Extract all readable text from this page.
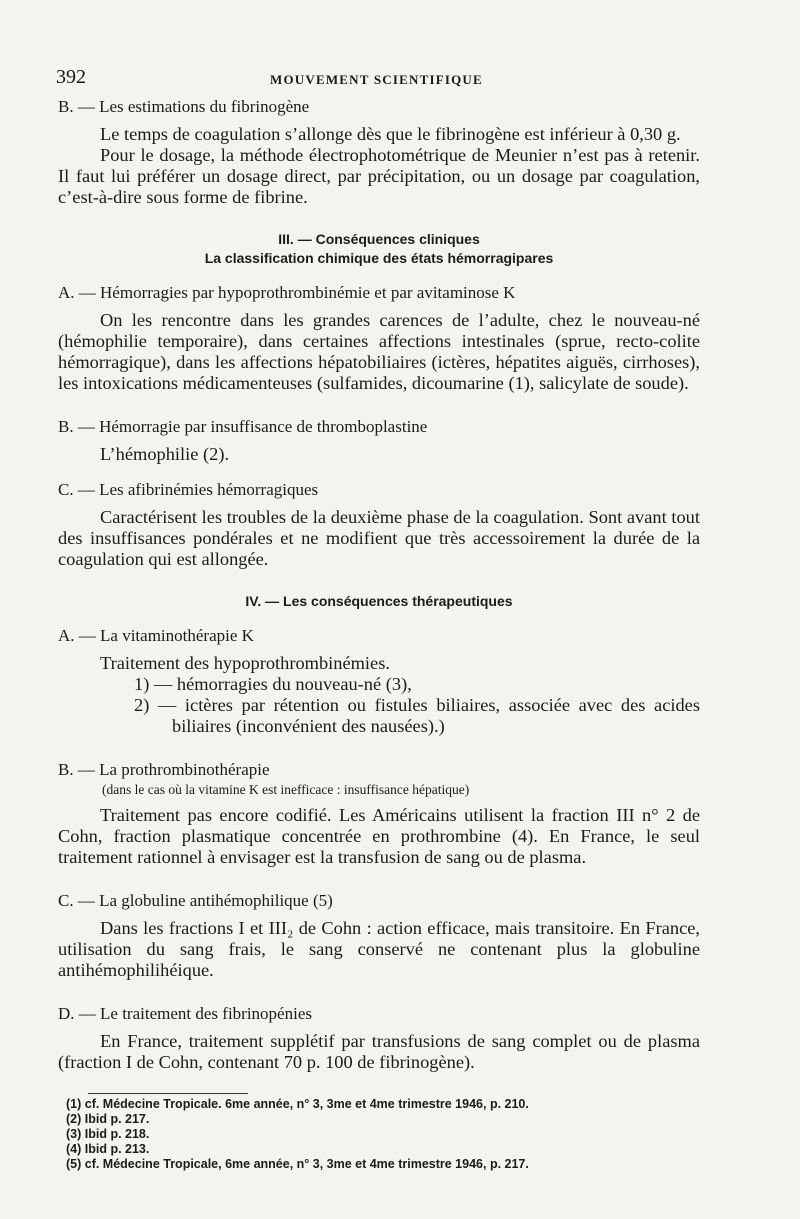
392	MOUVEMENT SCIENTIFIQUE

B. — Les estimations du fibrinogène

Le temps de coagulation s’allonge dès que le fibrinogène est inférieur à 0,30 g.

Pour le dosage, la méthode électrophotométrique de Meunier n’est pas à retenir. Il faut lui préférer un dosage direct, par précipitation, ou un dosage par coagulation, c’est-à-dire sous forme de fibrine.

III. — Conséquences cliniques

La classification chimique des états hémorragipares

A. — Hémorragies par hypoprothrombinémie et par avitaminose K

On les rencontre dans les grandes carences de l’adulte, chez le nouveau-né (hémophilie temporaire), dans certaines affections intestinales (sprue, recto-colite hémorragique), dans les affections hépatobiliaires (ictères, hépatites aiguës, cirrhoses), les intoxications médicamenteuses (sulfamides, dicoumarine (1), salicylate de soude).

B. — Hémorragie par insuffisance de thromboplastine

L’hémophilie (2).

C. — Les afibrinémies hémorragiques

Caractérisent les troubles de la deuxième phase de la coagulation. Sont avant tout des insuffisances pondérales et ne modifient que très accessoirement la durée de la coagulation qui est allongée.

IV. — Les conséquences thérapeutiques

A. — La vitaminothérapie K

Traitement des hypoprothrombinémies.

1) — hémorragies du nouveau-né (3),

2) — ictères par rétention ou fistules biliaires, associée avec des acides biliaires (inconvénient des nausées).)

B. — La prothrombinothérapie

(dans le cas où la vitamine K est inefficace : insuffisance hépatique)

Traitement pas encore codifié. Les Américains utilisent la fraction III n° 2 de Cohn, fraction plasmatique concentrée en prothrombine (4). En France, le seul traitement rationnel à envisager est la transfusion de sang ou de plasma.

C. — La globuline antihémophilique (5)

Dans les fractions I et III₂ de Cohn : action efficace, mais transitoire. En France, utilisation du sang frais, le sang conservé ne contenant plus la globuline antihémophilihéique.

D. — Le traitement des fibrinopénies

En France, traitement supplétif par transfusions de sang complet ou de plasma (fraction I de Cohn, contenant 70 p. 100 de fibrinogène).

(1) cf. Médecine Tropicale. 6me année, n° 3, 3me et 4me trimestre 1946, p. 210.

(2) Ibid p. 217.

(3) Ibid p. 218.

(4) Ibid p. 213.

(5) cf. Médecine Tropicale, 6me année, n° 3, 3me et 4me trimestre 1946, p. 217.
